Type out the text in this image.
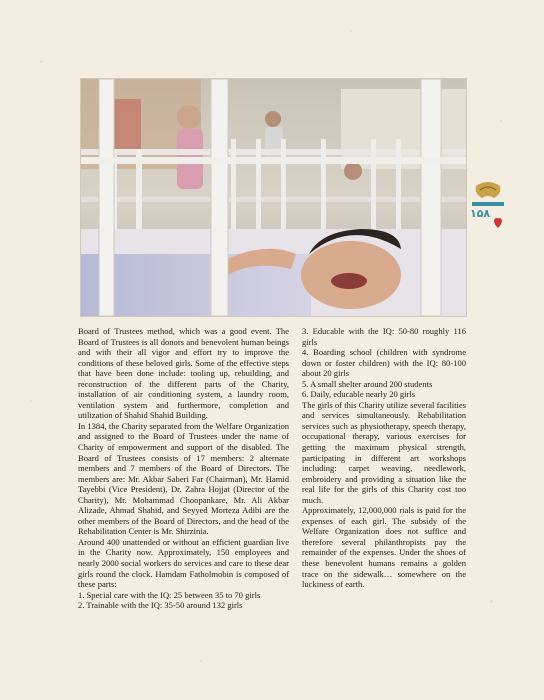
۱۵۸

Board of Trustees method, which was a good event. The Board of Trustees is all donors and benevolent human beings and with their all vigor and effort try to improve the conditions of these beloved girls. Some of the effective steps that have been done include: tooling up, rebuilding, and reconstruction of the different parts of the Charity, installation of air conditioning system, a laundry room, ventilation system and furthermore, completion and utilization of Shahid Shahid Building.

In 1384, the Charity separated from the Welfare Organization and assigned to the Board of Trustees under the name of Charity of empowerment and support of the disabled. The Board of Trustees consists of 17 members: 2 alternate members and 7 members of the Board of Directors. The members are: Mr. Akbar Saberi Far (Chairman), Mr. Hamid Tayebbi (Vice President), Dr. Zahra Hojjat (Director of the Charity), Mr. Mohammad Choopankare, Mr. Ali Akbar Alizade, Ahmad Shahid, and Seyyed Morteza Adibi are the other members of the Board of Directors, and the head of the Rehabilitation Center is Mr. Shirzinia.

Around 400 unattended or without an efficient guardian live in the Charity now. Approximately, 150 employees and nearly 2000 social workers do services and care to these dear girls round the clock. Hamdam Fatholmobin is composed of these parts:

1. Special care with the IQ: 25 between 35 to 70 girls

2. Trainable with the IQ: 35-50 around 132 girls

3. Educable with the IQ: 50-80 roughly 116 girls

4. Boarding school (children with syndrome down or foster children) with the IQ: 80-100 about 20 girls

5. A small shelter around 200 students

6. Daily, educable nearly 20 girls

The girls of this Charity utilize several facilities and services simultaneously. Rehabilitation services such as physiotherapy, speech therapy, occupational therapy, various exercises for getting the maximum physical strength, participating in different art workshops including: carpet weaving, needlework, embroidery and providing a situation like the real life for the girls of this Charity cost too much.

Approximately, 12,000,000 rials is paid for the expenses of each girl. The subsidy of the Welfare Organization does not suffice and therefore several philanthropists pay the remainder of the expenses. Under the shoes of these benevolent humans remains a golden trace on the sidewalk… somewhere on the luckiness of earth.
